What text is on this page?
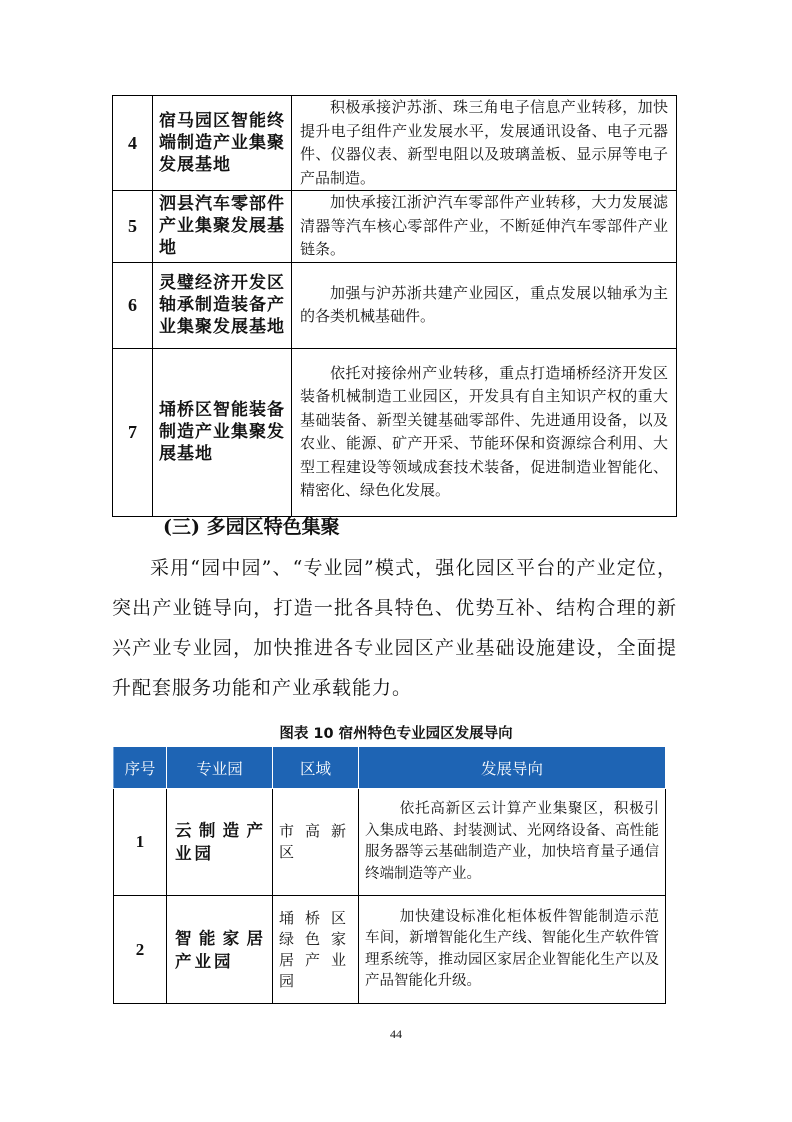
4	宿马园区智能终端制造产业集聚发展基地	积极承接沪苏浙、珠三角电子信息产业转移，加快提升电子组件产业发展水平，发展通讯设备、电子元器件、仪器仪表、新型电阻以及玻璃盖板、显示屏等电子产品制造。
5	泗县汽车零部件产业集聚发展基地	加快承接江浙沪汽车零部件产业转移，大力发展滤清器等汽车核心零部件产业，不断延伸汽车零部件产业链条。
6	灵璧经济开发区轴承制造装备产业集聚发展基地	加强与沪苏浙共建产业园区，重点发展以轴承为主的各类机械基础件。
7	埇桥区智能装备制造产业集聚发展基地	依托对接徐州产业转移，重点打造埇桥经济开发区装备机械制造工业园区，开发具有自主知识产权的重大基础装备、新型关键基础零部件、先进通用设备，以及农业、能源、矿产开采、节能环保和资源综合利用、大型工程建设等领域成套技术装备，促进制造业智能化、精密化、绿色化发展。
(三) 多园区特色集聚

采用“园中园”、“专业园”模式，强化园区平台的产业定位，突出产业链导向，打造一批各具特色、优势互补、结构合理的新兴产业专业园，加快推进各专业园区产业基础设施建设，全面提升配套服务功能和产业承载能力。

图表 10 宿州特色专业园区发展导向
序号	专业园	区域	发展导向
1	云制造产业园	市高新区	依托高新区云计算产业集聚区，积极引入集成电路、封装测试、光网络设备、高性能服务器等云基础制造产业，加快培育量子通信终端制造等产业。
2	智能家居产业园	埇桥区绿色家居产业园	加快建设标准化柜体板件智能制造示范车间，新增智能化生产线、智能化生产软件管理系统等，推动园区家居企业智能化生产以及产品智能化升级。
44
